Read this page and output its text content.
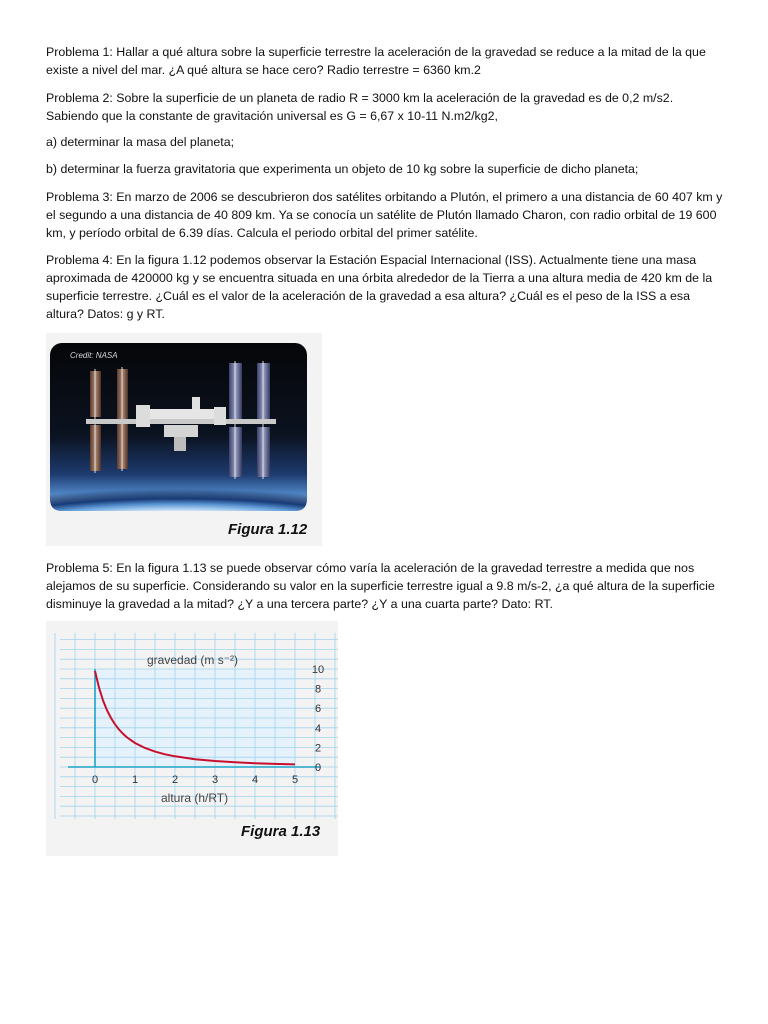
Problema 1: Hallar a qué altura sobre la superficie terrestre la aceleración de la gravedad se reduce a la mitad de la que existe a nivel del mar. ¿A qué altura se hace cero? Radio terrestre = 6360 km.2

Problema 2: Sobre la superficie de un planeta de radio R = 3000 km la aceleración de la gravedad es de 0,2 m/s2. Sabiendo que la constante de gravitación universal es G = 6,67 x 10-11 N.m2/kg2,

a) determinar la masa del planeta;

b) determinar la fuerza gravitatoria que experimenta un objeto de 10 kg sobre la superficie de dicho planeta;

Problema 3: En marzo de 2006 se descubrieron dos satélites orbitando a Plutón, el primero a una distancia de 60 407 km y el segundo a una distancia de 40 809 km. Ya se conocía un satélite de Plutón llamado Charon, con radio orbital de 19 600 km, y período orbital de 6.39 días. Calcula el periodo orbital del primer satélite.

Problema 4: En la figura 1.12 podemos observar la Estación Espacial Internacional (ISS). Actualmente tiene una masa aproximada de 420000 kg y se encuentra situada en una órbita alrededor de la Tierra a una altura media de 420 km de la superficie terrestre. ¿Cuál es el valor de la aceleración de la gravedad a esa altura? ¿Cuál es el peso de la ISS a esa altura? Datos: g y RT.

Credit: NASA
Figura 1.12

Problema 5: En la figura 1.13 se puede observar cómo varía la aceleración de la gravedad terrestre a medida que nos alejamos de su superficie. Considerando su valor en la superficie terrestre igual a 9.8 m/s-2, ¿a qué altura de la superficie disminuye la gravedad a la mitad? ¿Y a una tercera parte? ¿Y a una cuarta parte? Dato: RT.

0	1	2	3	4	5
0
2
4
6
8
10
gravedad (m s⁻²)
altura (h/RT)
Figura 1.13
